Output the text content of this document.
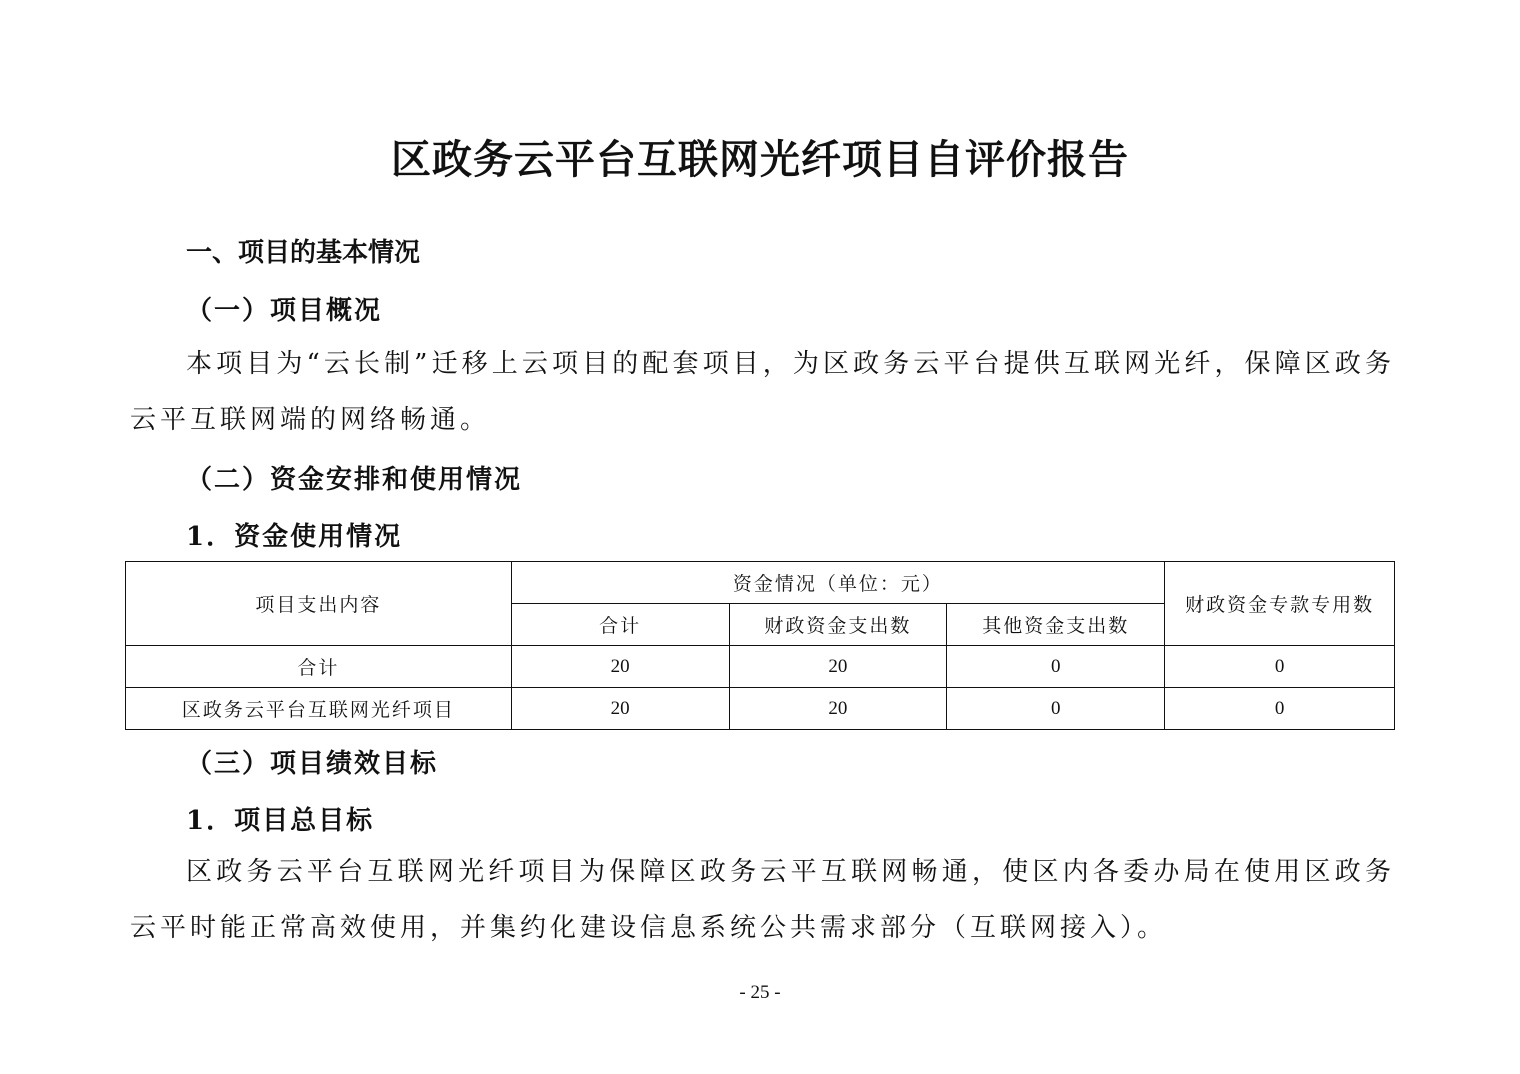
区政务云平台互联网光纤项目自评价报告
一、项目的基本情况
（一）项目概况

本项目为“云长制”迁移上云项目的配套项目，为区政务云平台提供互联网光纤，保障区政务云平互联网端的网络畅通。

（二）资金安排和使用情况
1．资金使用情况
项目支出内容	资金情况（单位：元）			财政资金专款专用数
	合计	财政资金支出数	其他资金支出数	
合计	20	20	0	0
区政务云平台互联网光纤项目	20	20	0	0
（三）项目绩效目标
1．项目总目标

区政务云平台互联网光纤项目为保障区政务云平互联网畅通，使区内各委办局在使用区政务云平时能正常高效使用，并集约化建设信息系统公共需求部分（互联网接入）。

- 25 -
